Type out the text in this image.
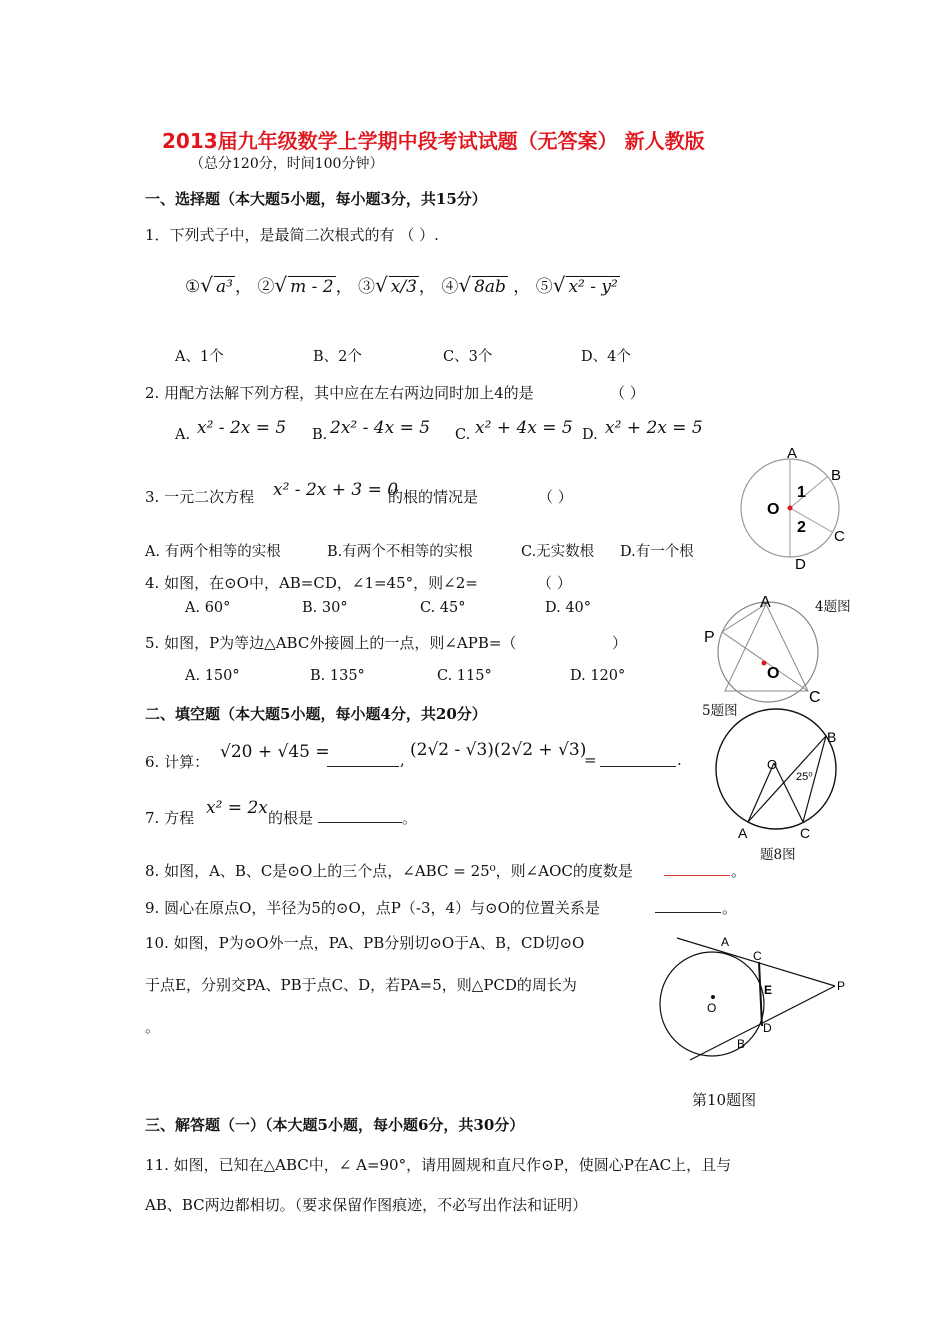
2013届九年级数学上学期中段考试试题（无答案） 新人教版
（总分120分，时间100分钟）
一、选择题（本大题5小题，每小题3分，共15分）
1．下列式子中，是最简二次根式的有 （ ）.
①√ a³ ， ②√ m - 2 ， ③√ x/3 ， ④√ 8ab ， ⑤√ x² - y²
A、1个	B、2个	C、3个	D、4个
2. 用配方法解下列方程，其中应在左右两边同时加上4的是	（ ）
A. x² - 2x = 5 B. 2x² - 4x = 5 C. x² + 4x = 5 D. x² + 2x = 5
3. 一元二次方程 x² - 2x + 3 = 0
的根的情况是	（ ）
A. 有两个相等的实根	B.有两个不相等的实根	C.无实数根 D.有一个根
4. 如图，在⊙O中，AB=CD，∠1=45°，则∠2=	（ ）
A. 60°	B. 30°	C. 45°	D. 40°
5. 如图，P为等边△ABC外接圆上的一点，则∠APB=（	）
A. 150°	B. 135°	C. 115°	D. 120°
二、填空题（本大题5小题，每小题4分，共20分）
6. 计算： √20 + √45 =	, (2√2 - √3)(2√2 + √3)
=	.
7. 方程 x² = 2x 的根是	。
8. 如图，A、B、C是⊙O上的三个点，∠ABC = 25⁰，则∠AOC的度数是	。
9. 圆心在原点O，半径为5的⊙O，点P（-3，4）与⊙O的位置关系是	。
10. 如图，P为⊙O外一点，PA、PB分别切⊙O于A、B，CD切⊙O
于点E，分别交PA、PB于点C、D，若PA=5，则△PCD的周长为
。
三、解答题（一）（本大题5小题，每小题6分，共30分）
11. 如图，已知在△ABC中，∠ A=90°，请用圆规和直尺作⊙P，使圆心P在AC上，且与
AB、BC两边都相切。（要求保留作图痕迹，不必写出作法和证明）
A
B
O
1
2
C
D
4题图
A
P
O
C
5题图
O
B
25⁰
A	C
题8图
A
C
E
O
P
D
B
第10题图
